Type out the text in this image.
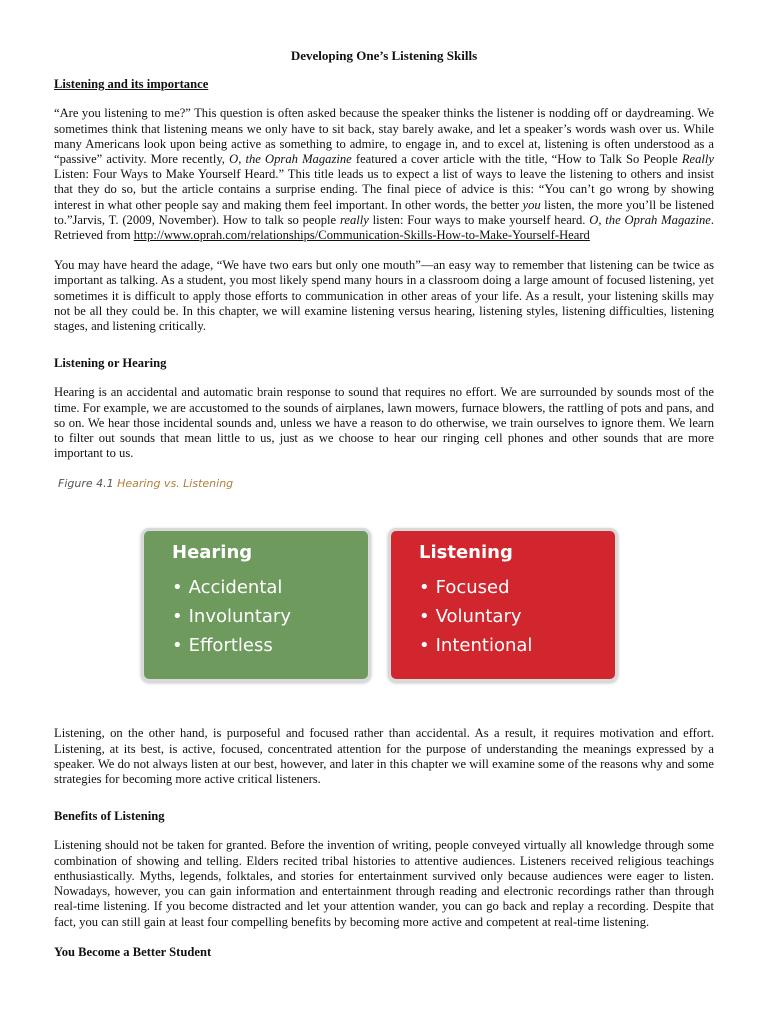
Developing One’s Listening Skills
Listening and its importance

“Are you listening to me?” This question is often asked because the speaker thinks the listener is nodding off or daydreaming. We sometimes think that listening means we only have to sit back, stay barely awake, and let a speaker’s words wash over us. While many Americans look upon being active as something to admire, to engage in, and to excel at, listening is often understood as a “passive” activity. More recently, O, the Oprah Magazine featured a cover article with the title, “How to Talk So People Really Listen: Four Ways to Make Yourself Heard.” This title leads us to expect a list of ways to leave the listening to others and insist that they do so, but the article contains a surprise ending. The final piece of advice is this: “You can’t go wrong by showing interest in what other people say and making them feel important. In other words, the better you listen, the more you’ll be listened to.”Jarvis, T. (2009, November). How to talk so people really listen: Four ways to make yourself heard. O, the Oprah Magazine. Retrieved from http://www.oprah.com/relationships/Communication-Skills-How-to-Make-Yourself-Heard

You may have heard the adage, “We have two ears but only one mouth”—an easy way to remember that listening can be twice as important as talking. As a student, you most likely spend many hours in a classroom doing a large amount of focused listening, yet sometimes it is difficult to apply those efforts to communication in other areas of your life. As a result, your listening skills may not be all they could be. In this chapter, we will examine listening versus hearing, listening styles, listening difficulties, listening stages, and listening critically.

Listening or Hearing

Hearing is an accidental and automatic brain response to sound that requires no effort. We are surrounded by sounds most of the time. For example, we are accustomed to the sounds of airplanes, lawn mowers, furnace blowers, the rattling of pots and pans, and so on. We hear those incidental sounds and, unless we have a reason to do otherwise, we train ourselves to ignore them. We learn to filter out sounds that mean little to us, just as we choose to hear our ringing cell phones and other sounds that are more important to us.

Figure 4.1 Hearing vs. Listening
Hearing
• Accidental
• Involuntary
• Effortless
Listening
• Focused
• Voluntary
• Intentional

Listening, on the other hand, is purposeful and focused rather than accidental. As a result, it requires motivation and effort. Listening, at its best, is active, focused, concentrated attention for the purpose of understanding the meanings expressed by a speaker. We do not always listen at our best, however, and later in this chapter we will examine some of the reasons why and some strategies for becoming more active critical listeners.

Benefits of Listening

Listening should not be taken for granted. Before the invention of writing, people conveyed virtually all knowledge through some combination of showing and telling. Elders recited tribal histories to attentive audiences. Listeners received religious teachings enthusiastically. Myths, legends, folktales, and stories for entertainment survived only because audiences were eager to listen. Nowadays, however, you can gain information and entertainment through reading and electronic recordings rather than through real-time listening. If you become distracted and let your attention wander, you can go back and replay a recording. Despite that fact, you can still gain at least four compelling benefits by becoming more active and competent at real-time listening.

You Become a Better Student
